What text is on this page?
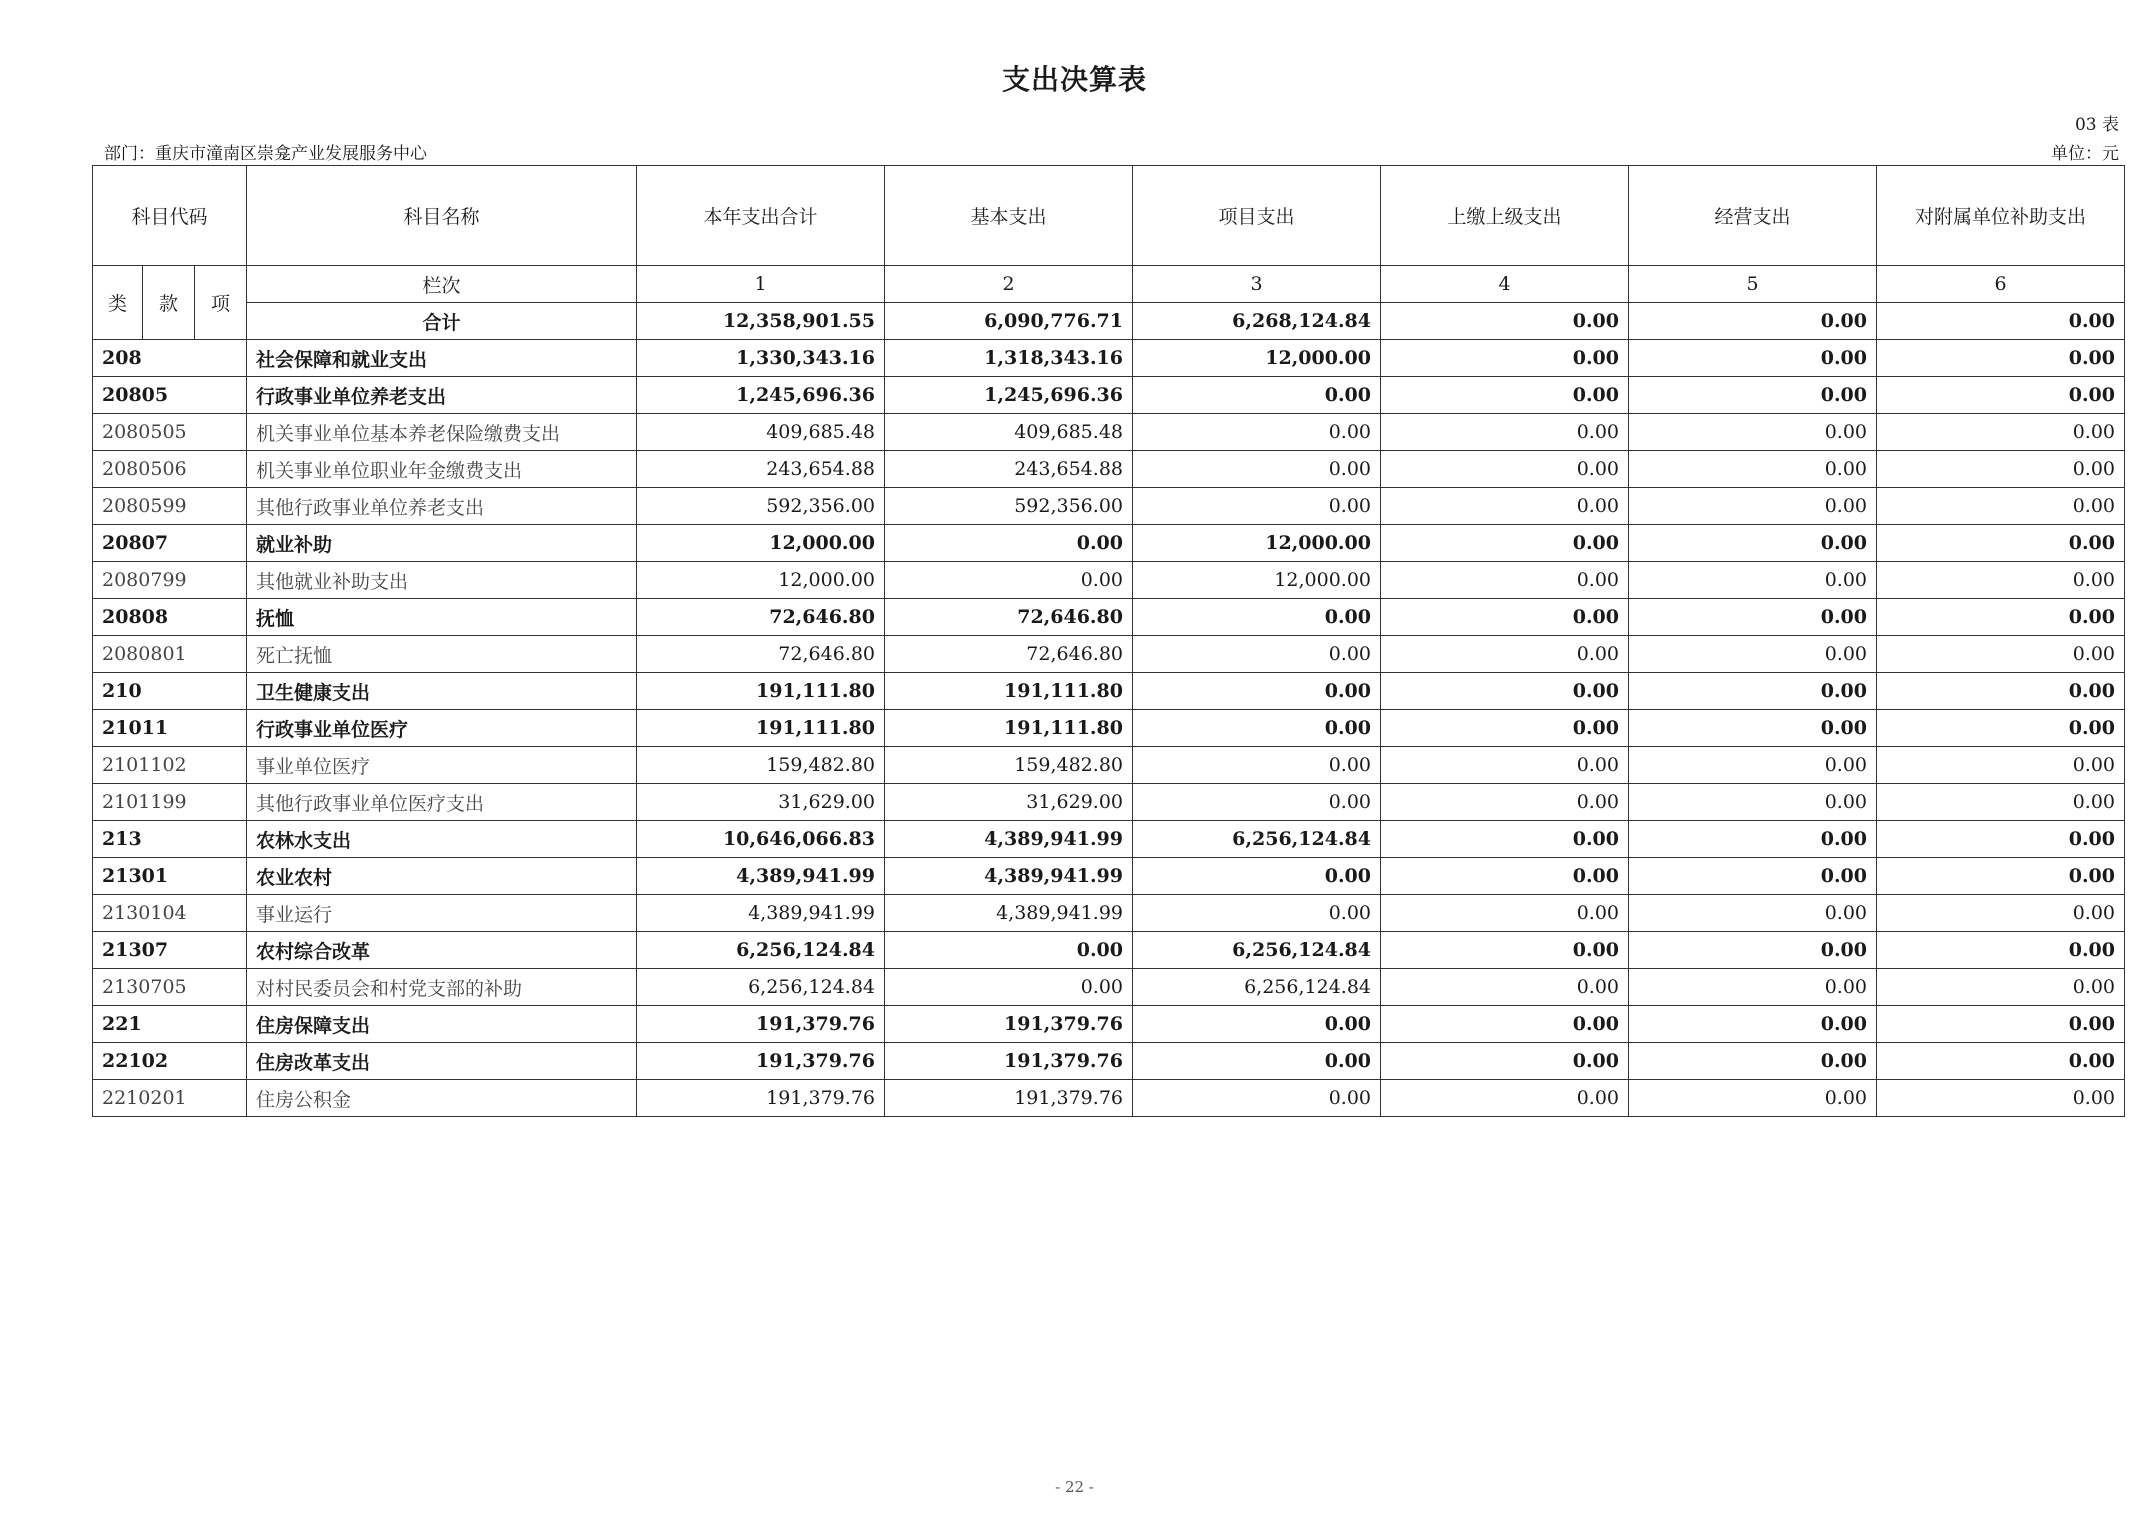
支出决算表
03 表
部门：重庆市潼南区崇龛产业发展服务中心	单位：元
科目代码			科目名称	本年支出合计	基本支出	项目支出	上缴上级支出	经营支出	对附属单位补助支出
类	款	项	栏次	1	2	3	4	5	6
			合计	12,358,901.55	6,090,776.71	6,268,124.84	0.00	0.00	0.00
208			社会保障和就业支出	1,330,343.16	1,318,343.16	12,000.00	0.00	0.00	0.00
20805			行政事业单位养老支出	1,245,696.36	1,245,696.36	0.00	0.00	0.00	0.00
2080505			机关事业单位基本养老保险缴费支出	409,685.48	409,685.48	0.00	0.00	0.00	0.00
2080506			机关事业单位职业年金缴费支出	243,654.88	243,654.88	0.00	0.00	0.00	0.00
2080599			其他行政事业单位养老支出	592,356.00	592,356.00	0.00	0.00	0.00	0.00
20807			就业补助	12,000.00	0.00	12,000.00	0.00	0.00	0.00
2080799			其他就业补助支出	12,000.00	0.00	12,000.00	0.00	0.00	0.00
20808			抚恤	72,646.80	72,646.80	0.00	0.00	0.00	0.00
2080801			死亡抚恤	72,646.80	72,646.80	0.00	0.00	0.00	0.00
210			卫生健康支出	191,111.80	191,111.80	0.00	0.00	0.00	0.00
21011			行政事业单位医疗	191,111.80	191,111.80	0.00	0.00	0.00	0.00
2101102			事业单位医疗	159,482.80	159,482.80	0.00	0.00	0.00	0.00
2101199			其他行政事业单位医疗支出	31,629.00	31,629.00	0.00	0.00	0.00	0.00
213			农林水支出	10,646,066.83	4,389,941.99	6,256,124.84	0.00	0.00	0.00
21301			农业农村	4,389,941.99	4,389,941.99	0.00	0.00	0.00	0.00
2130104			事业运行	4,389,941.99	4,389,941.99	0.00	0.00	0.00	0.00
21307			农村综合改革	6,256,124.84	0.00	6,256,124.84	0.00	0.00	0.00
2130705			对村民委员会和村党支部的补助	6,256,124.84	0.00	6,256,124.84	0.00	0.00	0.00
221			住房保障支出	191,379.76	191,379.76	0.00	0.00	0.00	0.00
22102			住房改革支出	191,379.76	191,379.76	0.00	0.00	0.00	0.00
2210201			住房公积金	191,379.76	191,379.76	0.00	0.00	0.00	0.00
- 22 -
